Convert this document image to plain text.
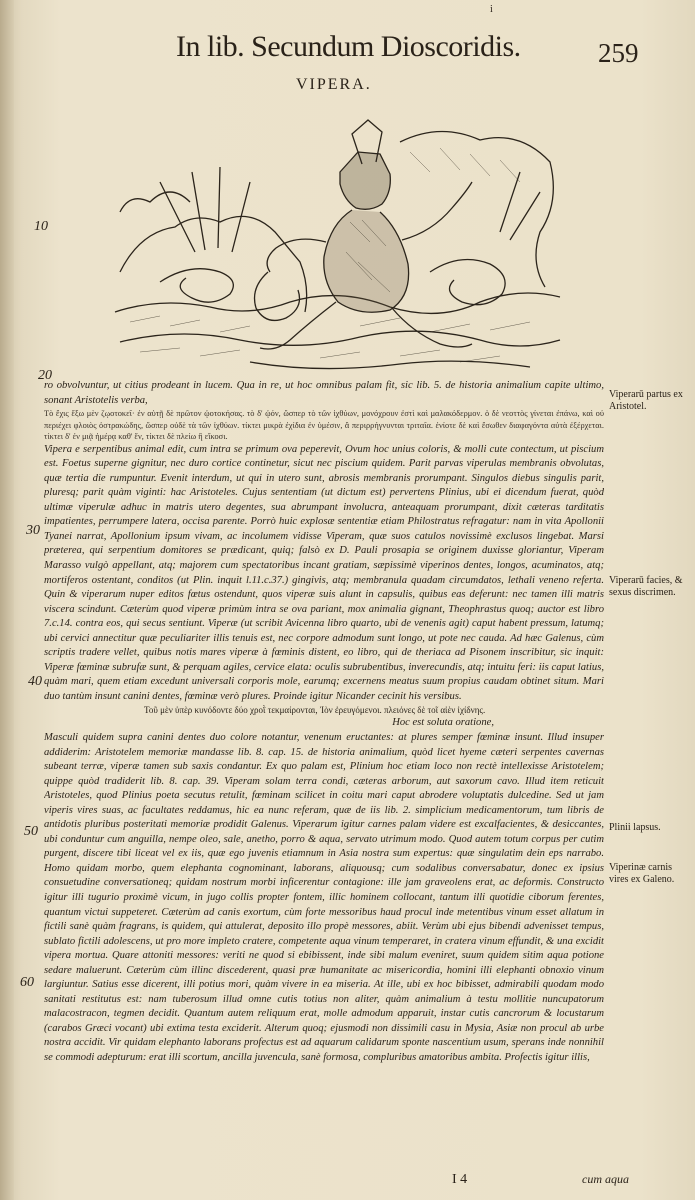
i
In lib. Secundum Dioscoridis.	259
VIPERA.
10
20
30
40
50
60

ro obvolvuntur, ut citius prodeant in lucem. Qua in re, ut hoc omnibus palam fit, sic lib. 5. de historia animalium capite ultimo, sonant Aristotelis verba,

Τὸ ἔχις ἔξω μὲν ζῳοτοκεῖ· ἐν αὑτῇ δὲ πρῶτον ᾠοτοκήσας. τὸ δ' ᾠόν, ὥσπερ τὸ τῶν ἰχθύων, μονόχρουν ἐστὶ καὶ μαλακόδερμον. ὁ δὲ νεοττὸς γίνεται ἐπάνω, καὶ οὐ περιέχει φλοιὸς ὀστρακώδης, ὥσπερ οὐδὲ τὰ τῶν ἰχθύων. τίκτει μικρὰ ἐχίδια ἐν ὑμέσιν, ἃ περιρρήγνυνται τριταῖα. ἐνίοτε δὲ καὶ ἔσωθεν διαφαγόντα αὐτὰ ἐξέρχεται. τίκτει δ' ἐν μιᾷ ἡμέρᾳ καθ' ἕν, τίκτει δὲ πλείω ἢ εἴκοσι.

Vipera e serpentibus animal edit, cum intra se primum ova peperevit, Ovum hoc unius coloris, & molli cute contectum, ut piscium est. Foetus superne gignitur, nec duro cortice continetur, sicut nec piscium quidem. Parit parvas viperulas membranis obvolutas, quæ tertia die rumpuntur. Evenit interdum, ut qui in utero sunt, abrosis membranis prorumpant. Singulos diebus singulis parit, pluresq; parit quàm viginti: hac Aristoteles. Cujus sententiam (ut dictum est) pervertens Plinius, ubi ei dicendum fuerat, quòd ultimæ viperulæ adhuc in matris utero degentes, sua abrumpant involucra, anteaquam prorumpant, dixit cæteras tarditatis impatientes, perrumpere latera, occisa parente. Porrò huic explosæ sententiæ etiam Philostratus refragatur: nam in vita Apollonii Tyanei narrat, Apollonium ipsum vivam, ac incolumem vidisse Viperam, quæ suos catulos novissimè exclusos lingebat. Marsi præterea, qui serpentium domitores se prædicant, quiq; falsò ex D. Pauli prosapia se originem duxisse gloriantur, Viperam Marasso vulgò appellant, atq; majorem cum spectatoribus incant gratiam, sæpissimè viperinos dentes, longos, acuminatos, atq; mortiferos ostentant, conditos (ut Plin. inquit l.11.c.37.) gingivis, atq; membranula quadam circumdatos, lethali veneno referta. Quin & viperarum nuper editos fœtus ostendunt, quos viperæ suis alunt in capsulis, quibus eas deferunt: nec tamen illi matris viscera scindunt. Cæterùm quod viperæ primùm intra se ova pariant, mox animalia gignant, Theophrastus quoq; auctor est libro 7.c.14. contra eos, qui secus sentiunt. Viperæ (ut scribit Avicenna libro quarto, ubi de venenis agit) caput habent pressum, latumq; ubi cervici annectitur quæ peculiariter illis tenuis est, nec corpore admodum sunt longo, ut pote nec cauda. Ad hæc Galenus, cùm scriptis tradere vellet, quibus notis mares viperæ à fœminis distent, eo libro, qui de theriaca ad Pisonem inscribitur, sic inquit: Viperæ fœminæ subrufæ sunt, & perquam agiles, cervice elata: oculis subrubentibus, inverecundis, atq; intuitu feri: iis caput latius, quàm mari, quem etiam excedunt universali corporis mole, earumq; excernens meatus suum propius caudam obtinet situm. Mari duo tantùm insunt canini dentes, fœminæ verò plures. Proinde igitur Nicander cecinit his versibus.

Τοῦ μὲν ὑπὲρ κυνόδοντε δύο χροῒ τεκμαίρονται, Ἰὸν ἐρευγόμενοι. πλειόνες δὲ τοῖ αἰὲν ἰχίδνης.

Hoc est soluta oratione,

Masculi quidem supra canini dentes duo colore notantur, venenum eructantes: at plures semper fœminæ insunt. Illud insuper addiderim: Aristotelem memoriæ mandasse lib. 8. cap. 15. de historia animalium, quòd licet hyeme cæteri serpentes cavernas subeant terræ, viperæ tamen sub saxis condantur. Ex quo palam est, Plinium hoc etiam loco non rectè intellexisse Aristotelem; quippe quòd tradiderit lib. 8. cap. 39. Viperam solam terra condi, cæteras arborum, aut saxorum cavo. Illud item reticuit Aristoteles, quod Plinius poeta secutus retulit, fœminam scilicet in coitu mari caput abrodere voluptatis dulcedine. Sed ut jam viperis vires suas, ac facultates reddamus, hic ea nunc referam, quæ de iis lib. 2. simplicium medicamentorum, tum libris de antidotis pluribus posteritati memoriæ prodidit Galenus. Viperarum igitur carnes palam videre est excalfacientes, & desiccantes, ubi conduntur cum anguilla, nempe oleo, sale, anetho, porro & aqua, servato utrimum modo. Quod autem totum corpus per cutim purgent, discere tibi liceat vel ex iis, quæ ego juvenis etiamnum in Asia nostra sum expertus: quæ singulatim dein eps narrabo. Homo quidam morbo, quem elephanta cognominant, laborans, aliquousq; cum sodalibus conversabatur, donec ex ipsius consuetudine conversationeq; quidam nostrum morbi inficerentur contagione: ille jam graveolens erat, ac deformis. Constructo igitur illi tugurio proximè vicum, in jugo collis propter fontem, illic hominem collocant, tantum illi quotidie ciborum ferentes, quantum victui suppeteret. Cæterùm ad canis exortum, cùm forte messoribus haud procul inde metentibus vinum esset allatum in fictili sanè quàm fragrans, is quidem, qui attulerat, deposito illo propè messores, abiit. Verùm ubi ejus bibendi advenisset tempus, sublato fictili adolescens, ut pro more impleto cratere, competente aqua vinum temperaret, in cratera vinum effundit, & una excidit vipera mortua. Quare attoniti messores: veriti ne quod si ebibissent, inde sibi malum eveniret, suum quidem sitim aqua potione sedare maluerunt. Cæterùm cùm illinc discederent, quasi præ humanitate ac misericordia, homini illi elephanti obnoxio vinum largiuntur. Satius esse dicerent, illi potius mori, quàm vivere in ea miseria. At ille, ubi ex hoc bibisset, admirabili quodam modo sanitati restitutus est: nam tuberosum illud omne cutis totius non aliter, quàm animalium à testu mollitie nuncupatorum malacostracon, tegmen decidit. Quantum autem reliquum erat, molle admodum apparuit, instar cutis cancrorum & locustarum (carabos Græci vocant) ubi extima testa exciderit. Alterum quoq; ejusmodi non dissimili casu in Mysia, Asiæ non procul ab urbe nostra accidit. Vir quidam elephanto laborans profectus est ad aquarum calidarum sponte nascentium usum, sperans inde nonnihil se commodi adepturum: erat illi scortum, ancilla juvencula, sanè formosa, compluribus amatoribus ambita. Profectis igitur illis,

Viperarū partus ex Aristotel.
Viperarū facies, & sexus discrimen.
Plinii lapsus.
Viperinæ carnis vires ex Galeno.
I 4	cum aqua
